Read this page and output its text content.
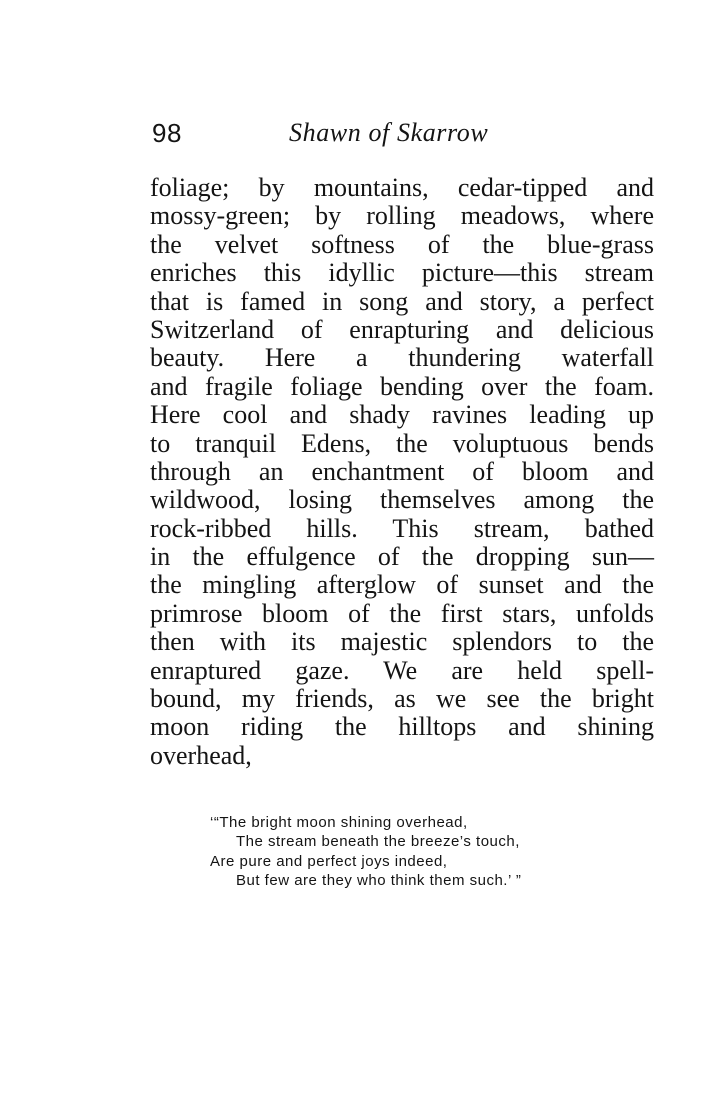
98	Shawn of Skarrow
foliage; by mountains, cedar-tipped and
mossy-green; by rolling meadows, where
the velvet softness of the blue-grass
enriches this idyllic picture—this stream
that is famed in song and story, a perfect
Switzerland of enrapturing and delicious
beauty. Here a thundering waterfall
and fragile foliage bending over the foam.
Here cool and shady ravines leading up
to tranquil Edens, the voluptuous bends
through an enchantment of bloom and
wildwood, losing themselves among the
rock-ribbed hills. This stream, bathed
in the effulgence of the dropping sun—
the mingling afterglow of sunset and the
primrose bloom of the first stars, unfolds
then with its majestic splendors to the
enraptured gaze. We are held spell-
bound, my friends, as we see the bright
moon riding the hilltops and shining
overhead,
‘“The bright moon shining overhead,
The stream beneath the breeze’s touch,
Are pure and perfect joys indeed,
But few are they who think them such.’ ”
